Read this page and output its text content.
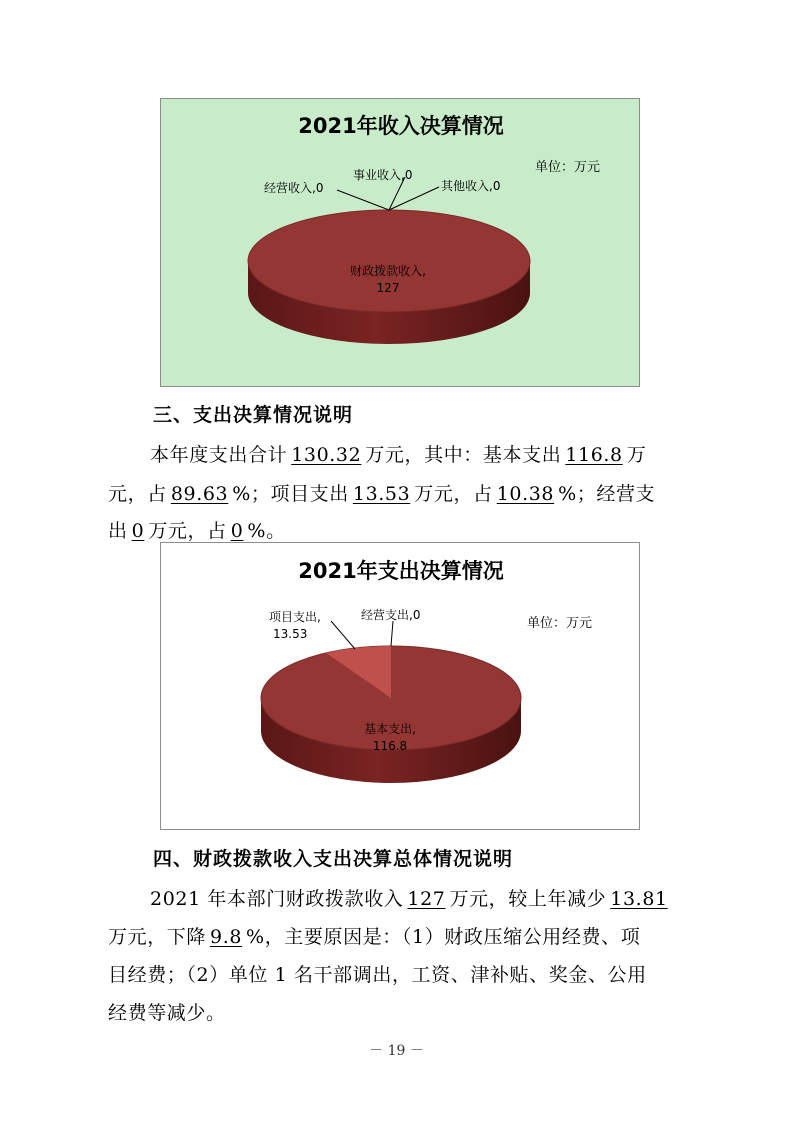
2021年收入决算情况
单位：万元
经营收入,0
事业收入,0
其他收入,0
财政拨款收入,
127
三、支出决算情况说明
本年度支出合计 130.32 万元，其中：基本支出 116.8 万
元，占 89.63 %；项目支出 13.53 万元，占 10.38 %；经营支
出 0 万元，占 0 %。
2021年支出决算情况
单位：万元
项目支出,
13.53
经营支出,0
基本支出,
116.8
四、财政拨款收入支出决算总体情况说明
2021 年本部门财政拨款收入 127 万元，较上年减少 13.81
万元，下降 9.8 %，主要原因是：（1）财政压缩公用经费、项
目经费；（2）单位 1 名干部调出，工资、津补贴、奖金、公用
经费等减少。
－ 19 －
